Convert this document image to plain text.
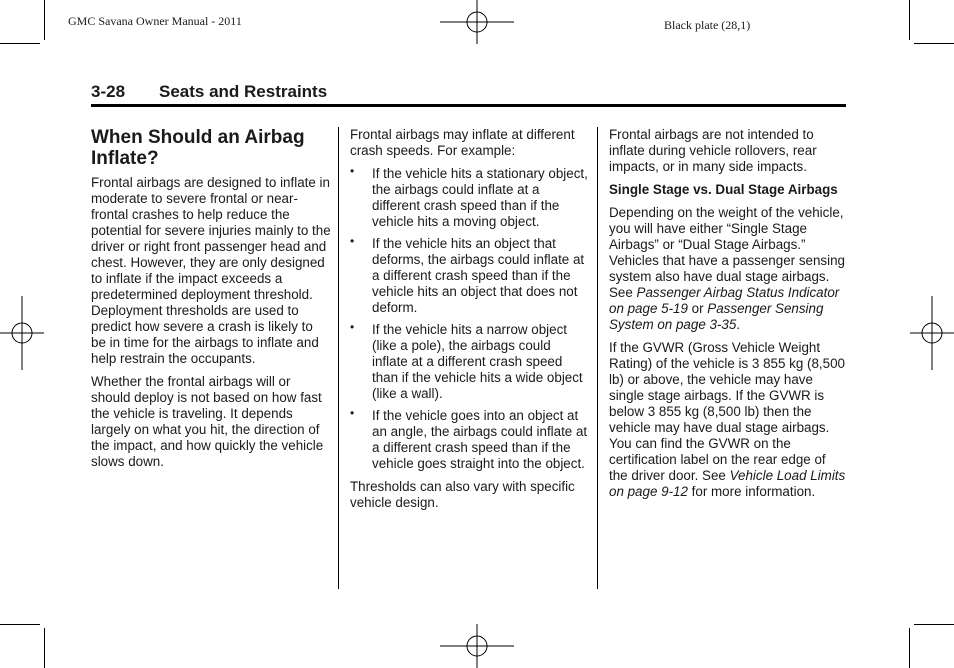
GMC Savana Owner Manual - 2011	Black plate (28,1)
3-28 Seats and Restraints
When Should an Airbag Inflate?

Frontal airbags are designed to inflate in moderate to severe frontal or near-frontal crashes to help reduce the potential for severe injuries mainly to the driver or right front passenger head and chest. However, they are only designed to inflate if the impact exceeds a predetermined deployment threshold. Deployment thresholds are used to predict how severe a crash is likely to be in time for the airbags to inflate and help restrain the occupants.

Whether the frontal airbags will or should deploy is not based on how fast the vehicle is traveling. It depends largely on what you hit, the direction of the impact, and how quickly the vehicle slows down.

Frontal airbags may inflate at different crash speeds. For example:

• If the vehicle hits a stationary object, the airbags could inflate at a different crash speed than if the vehicle hits a moving object.
• If the vehicle hits an object that deforms, the airbags could inflate at a different crash speed than if the vehicle hits an object that does not deform.
• If the vehicle hits a narrow object (like a pole), the airbags could inflate at a different crash speed than if the vehicle hits a wide object (like a wall).
• If the vehicle goes into an object at an angle, the airbags could inflate at a different crash speed than if the vehicle goes straight into the object.

Thresholds can also vary with specific vehicle design.

Frontal airbags are not intended to inflate during vehicle rollovers, rear impacts, or in many side impacts.

Single Stage vs. Dual Stage Airbags

Depending on the weight of the vehicle, you will have either “Single Stage Airbags” or “Dual Stage Airbags.” Vehicles that have a passenger sensing system also have dual stage airbags. See Passenger Airbag Status Indicator on page 5-19 or Passenger Sensing System on page 3-35.

If the GVWR (Gross Vehicle Weight Rating) of the vehicle is 3 855 kg (8,500 lb) or above, the vehicle may have single stage airbags. If the GVWR is below 3 855 kg (8,500 lb) then the vehicle may have dual stage airbags. You can find the GVWR on the certification label on the rear edge of the driver door. See Vehicle Load Limits on page 9-12 for more information.
